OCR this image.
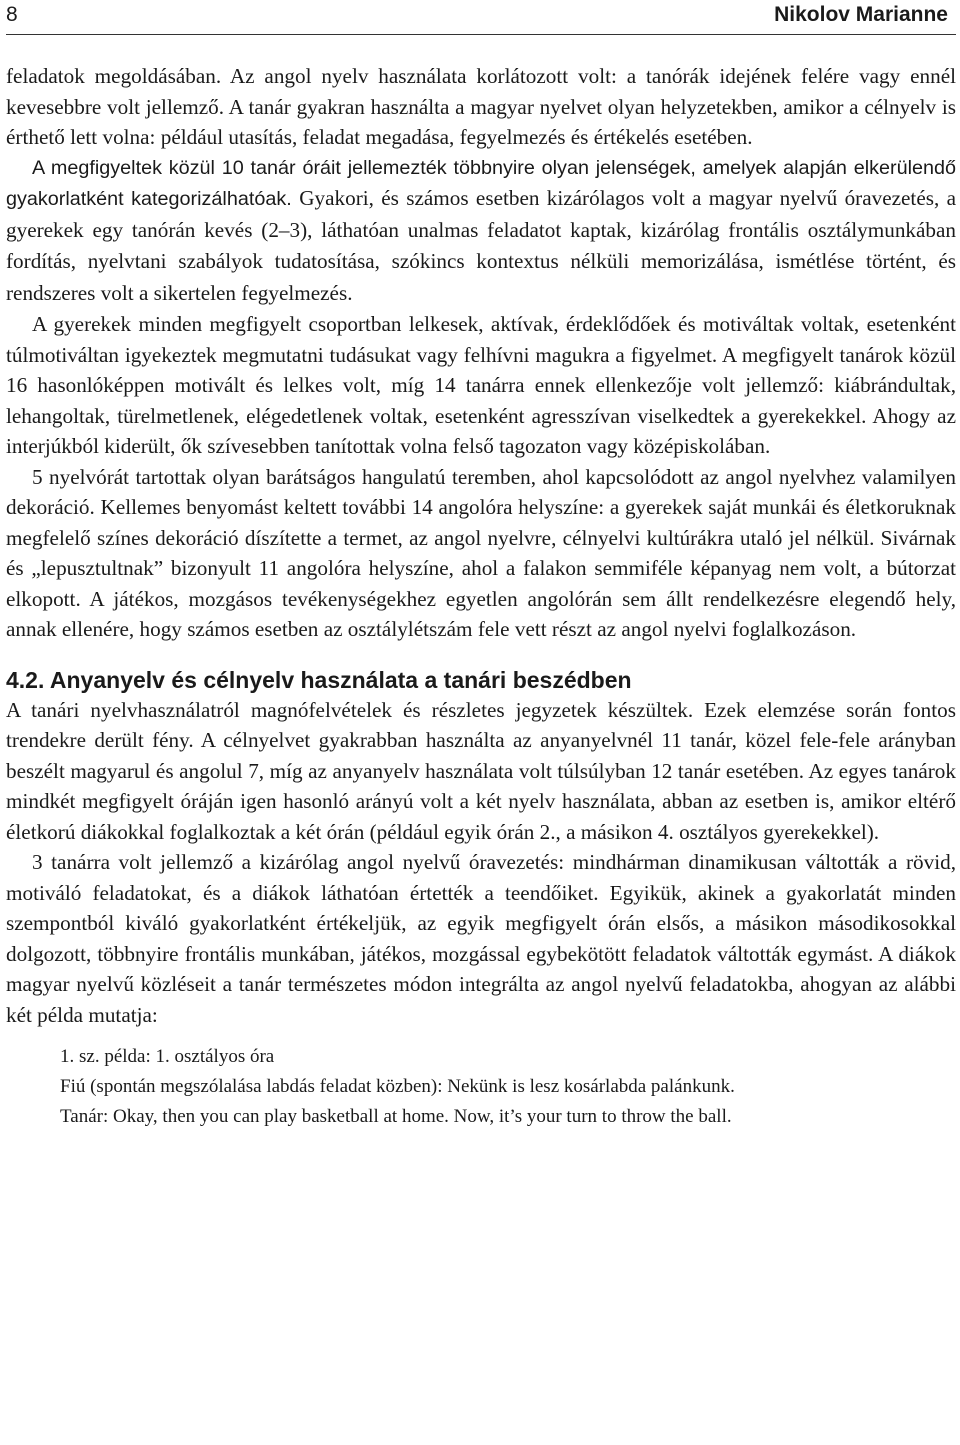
8	Nikolov Marianne

feladatok megoldásában. Az angol nyelv használata korlátozott volt: a tanórák idejének felére vagy ennél kevesebbre volt jellemző. A tanár gyakran használta a magyar nyelvet olyan helyzetekben, amikor a célnyelv is érthető lett volna: például utasítás, feladat megadása, fegyelmezés és értékelés esetében.

A megfigyeltek közül 10 tanár óráit jellemezték többnyire olyan jelenségek, amelyek alapján elkerülendő gyakorlatként kategorizálhatóak. Gyakori, és számos esetben kizárólagos volt a magyar nyelvű óravezetés, a gyerekek egy tanórán kevés (2–3), láthatóan unalmas feladatot kaptak, kizárólag frontális osztálymunkában fordítás, nyelvtani szabályok tudatosítása, szókincs kontextus nélküli memorizálása, ismétlése történt, és rendszeres volt a sikertelen fegyelmezés.

A gyerekek minden megfigyelt csoportban lelkesek, aktívak, érdeklődőek és motiváltak voltak, esetenként túlmotiváltan igyekeztek megmutatni tudásukat vagy felhívni magukra a figyelmet. A megfigyelt tanárok közül 16 hasonlóképpen motivált és lelkes volt, míg 14 tanárra ennek ellenkezője volt jellemző: kiábrándultak, lehangoltak, türelmetlenek, elégedetlenek voltak, esetenként agresszívan viselkedtek a gyerekekkel. Ahogy az interjúkból kiderült, ők szívesebben tanítottak volna felső tagozaton vagy középiskolában.

5 nyelvórát tartottak olyan barátságos hangulatú teremben, ahol kapcsolódott az angol nyelvhez valamilyen dekoráció. Kellemes benyomást keltett további 14 angolóra helyszíne: a gyerekek saját munkái és életkoruknak megfelelő színes dekoráció díszítette a termet, az angol nyelvre, célnyelvi kultúrákra utaló jel nélkül. Sivárnak és „lepusztultnak” bizonyult 11 angolóra helyszíne, ahol a falakon semmiféle képanyag nem volt, a bútorzat elkopott. A játékos, mozgásos tevékenységekhez egyetlen angolórán sem állt rendelkezésre elegendő hely, annak ellenére, hogy számos esetben az osztálylétszám fele vett részt az angol nyelvi foglalkozáson.

4.2. Anyanyelv és célnyelv használata a tanári beszédben

A tanári nyelvhasználatról magnófelvételek és részletes jegyzetek készültek. Ezek elemzése során fontos trendekre derült fény. A célnyelvet gyakrabban használta az anyanyelvnél 11 tanár, közel fele-fele arányban beszélt magyarul és angolul 7, míg az anyanyelv használata volt túlsúlyban 12 tanár esetében. Az egyes tanárok mindkét megfigyelt óráján igen hasonló arányú volt a két nyelv használata, abban az esetben is, amikor eltérő életkorú diákokkal foglalkoztak a két órán (például egyik órán 2., a másikon 4. osztályos gyerekekkel).

3 tanárra volt jellemző a kizárólag angol nyelvű óravezetés: mindhárman dinamikusan váltották a rövid, motiváló feladatokat, és a diákok láthatóan értették a teendőiket. Egyikük, akinek a gyakorlatát minden szempontból kiváló gyakorlatként értékeljük, az egyik megfigyelt órán elsős, a másikon másodikosokkal dolgozott, többnyire frontális munkában, játékos, mozgással egybekötött feladatok váltották egymást. A diákok magyar nyelvű közléseit a tanár természetes módon integrálta az angol nyelvű feladatokba, ahogyan az alábbi két példa mutatja:

1. sz. példa: 1. osztályos óra
Fiú (spontán megszólalása labdás feladat közben): Nekünk is lesz kosárlabda palánkunk.
Tanár: Okay, then you can play basketball at home. Now, it’s your turn to throw the ball.
